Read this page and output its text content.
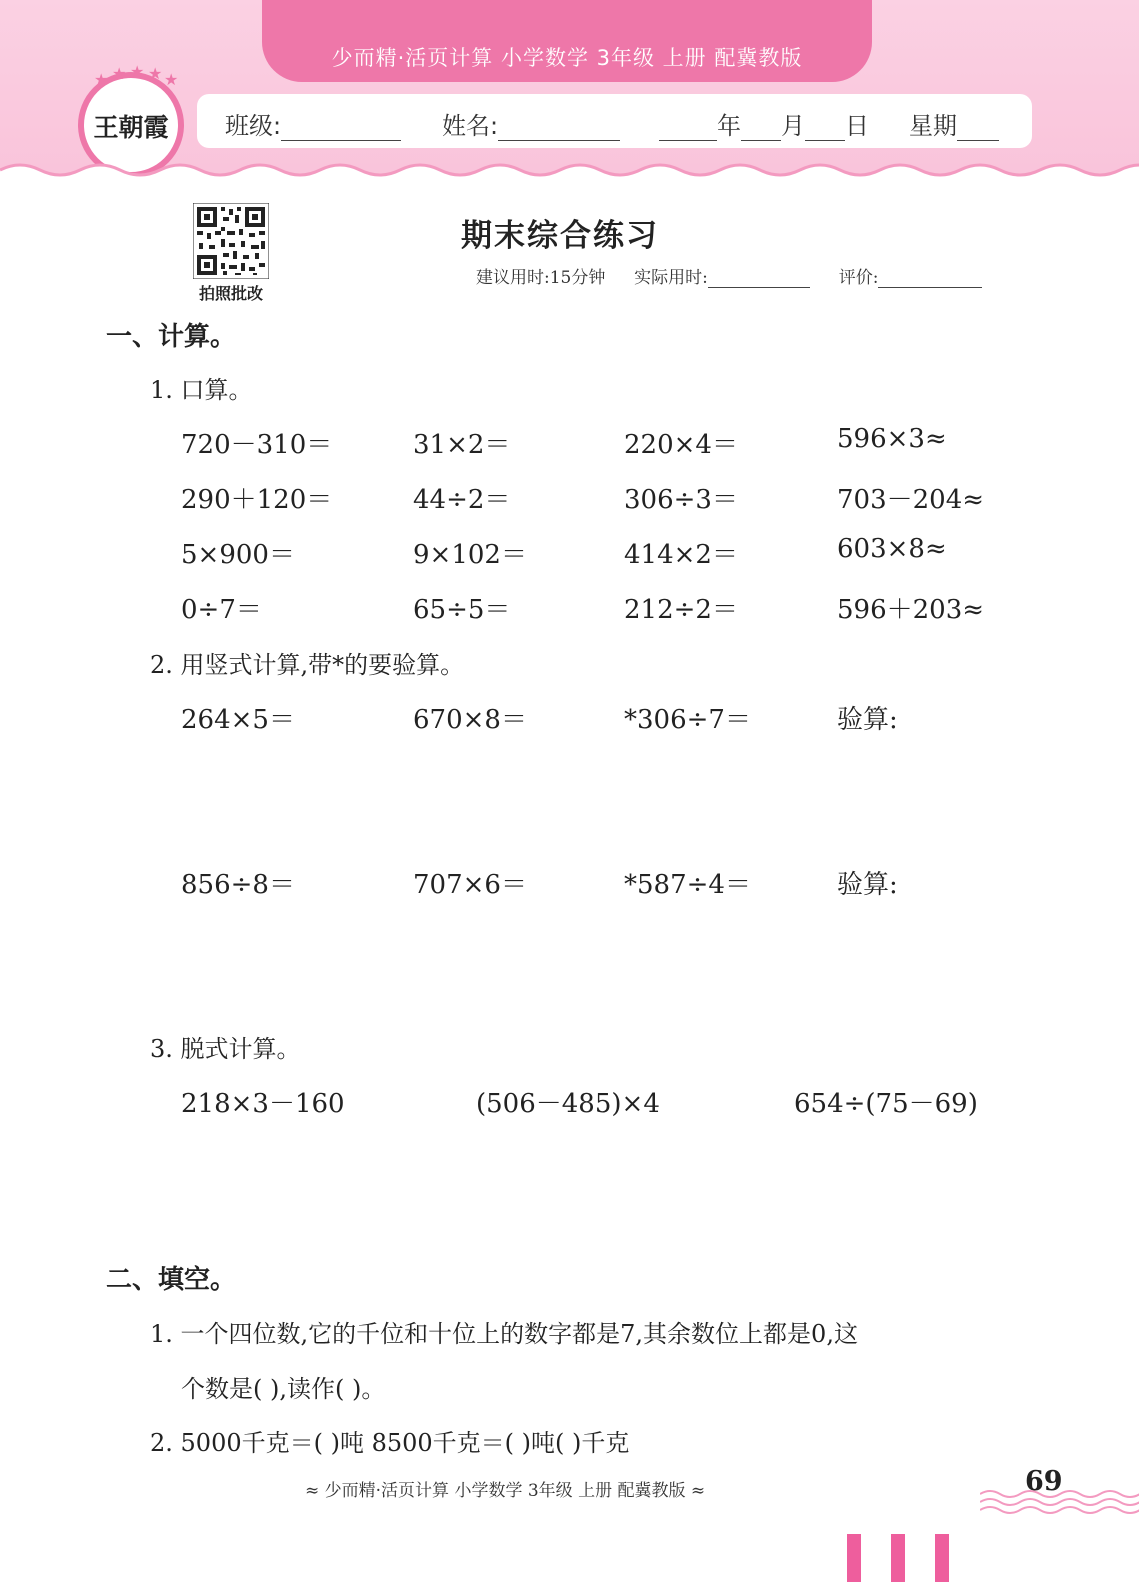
少而精·活页计算 小学数学 3年级 上册 配冀教版
班级:	姓名:	年 月 日 星期
★ ★ ★ ★ ★
王朝霞
拍照批改
期末综合练习
建议用时:15分钟 实际用时:	评价:
一、计算。
1. 口算。
720－310＝	31×2＝	220×4＝	596×3≈
290＋120＝	44÷2＝	306÷3＝	703－204≈
5×900＝	9×102＝	414×2＝	603×8≈
0÷7＝	65÷5＝	212÷2＝	596＋203≈
2. 用竖式计算,带*的要验算。
264×5＝	670×8＝	*306÷7＝	验算:
856÷8＝	707×6＝	*587÷4＝	验算:
3. 脱式计算。
218×3－160	(506－485)×4	654÷(75－69)
二、填空。
1. 一个四位数,它的千位和十位上的数字都是7,其余数位上都是0,这
个数是( ),读作( )。
2. 5000千克＝( )吨 8500千克＝( )吨( )千克
≈ 少而精·活页计算 小学数学 3年级 上册 配冀教版 ≈	69
